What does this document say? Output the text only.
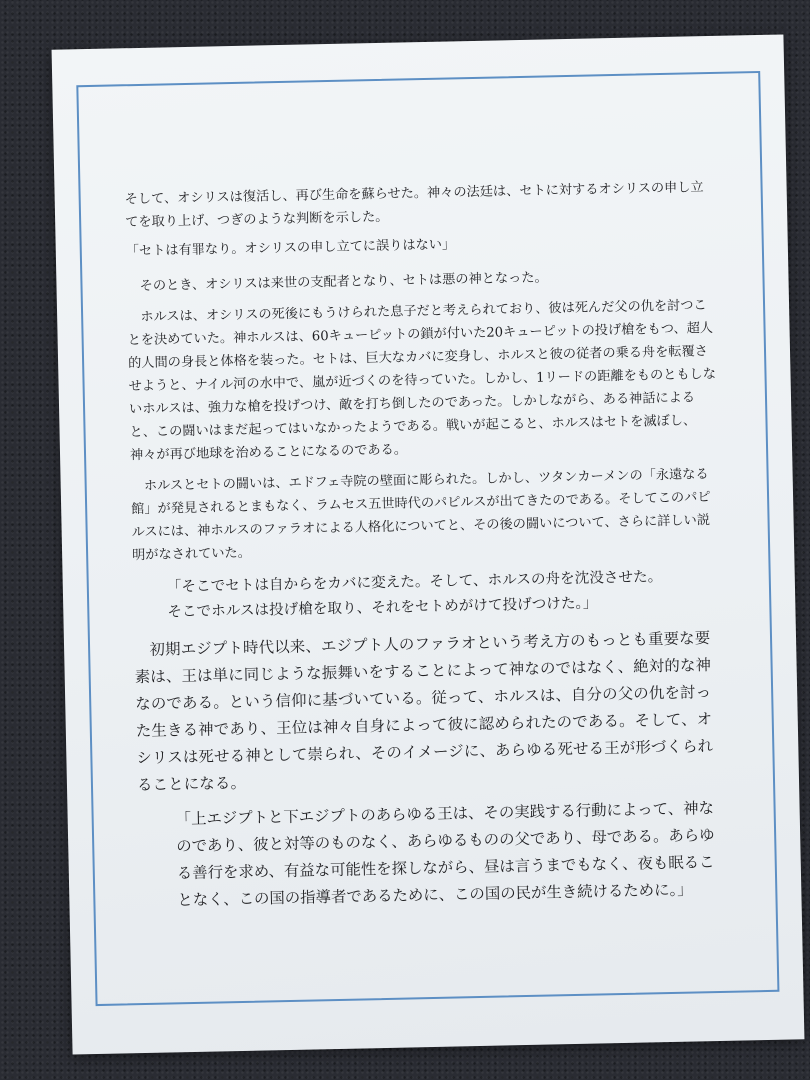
そして、オシリスは復活し、再び生命を蘇らせた。神々の法廷は、セトに対するオシリスの申し立てを取り上げ、つぎのような判断を示した。

「セトは有罪なり。オシリスの申し立てに誤りはない」

そのとき、オシリスは来世の支配者となり、セトは悪の神となった。

ホルスは、オシリスの死後にもうけられた息子だと考えられており、彼は死んだ父の仇を討つことを決めていた。神ホルスは、60キューピットの鎖が付いた20キューピットの投げ槍をもつ、超人的人間の身長と体格を装った。セトは、巨大なカバに変身し、ホルスと彼の従者の乗る舟を転覆させようと、ナイル河の水中で、嵐が近づくのを待っていた。しかし、1リードの距離をものともしないホルスは、強力な槍を投げつけ、敵を打ち倒したのであった。しかしながら、ある神話によると、この闘いはまだ起ってはいなかったようである。戦いが起こると、ホルスはセトを滅ぼし、神々が再び地球を治めることになるのである。

ホルスとセトの闘いは、エドフェ寺院の壁面に彫られた。しかし、ツタンカーメンの「永遠なる館」が発見されるとまもなく、ラムセス五世時代のパピルスが出てきたのである。そしてこのパピルスには、神ホルスのファラオによる人格化についてと、その後の闘いについて、さらに詳しい説明がなされていた。

「そこでセトは自からをカバに変えた。そして、ホルスの舟を沈没させた。
そこでホルスは投げ槍を取り、それをセトめがけて投げつけた。」

初期エジプト時代以来、エジプト人のファラオという考え方のもっとも重要な要素は、王は単に同じような振舞いをすることによって神なのではなく、絶対的な神なのである。という信仰に基づいている。従って、ホルスは、自分の父の仇を討った生きる神であり、王位は神々自身によって彼に認められたのである。そして、オシリスは死せる神として崇られ、そのイメージに、あらゆる死せる王が形づくられることになる。

「上エジプトと下エジプトのあらゆる王は、その実践する行動によって、神なのであり、彼と対等のものなく、あらゆるものの父であり、母である。あらゆる善行を求め、有益な可能性を探しながら、昼は言うまでもなく、夜も眠ることなく、この国の指導者であるために、この国の民が生き続けるために。」
